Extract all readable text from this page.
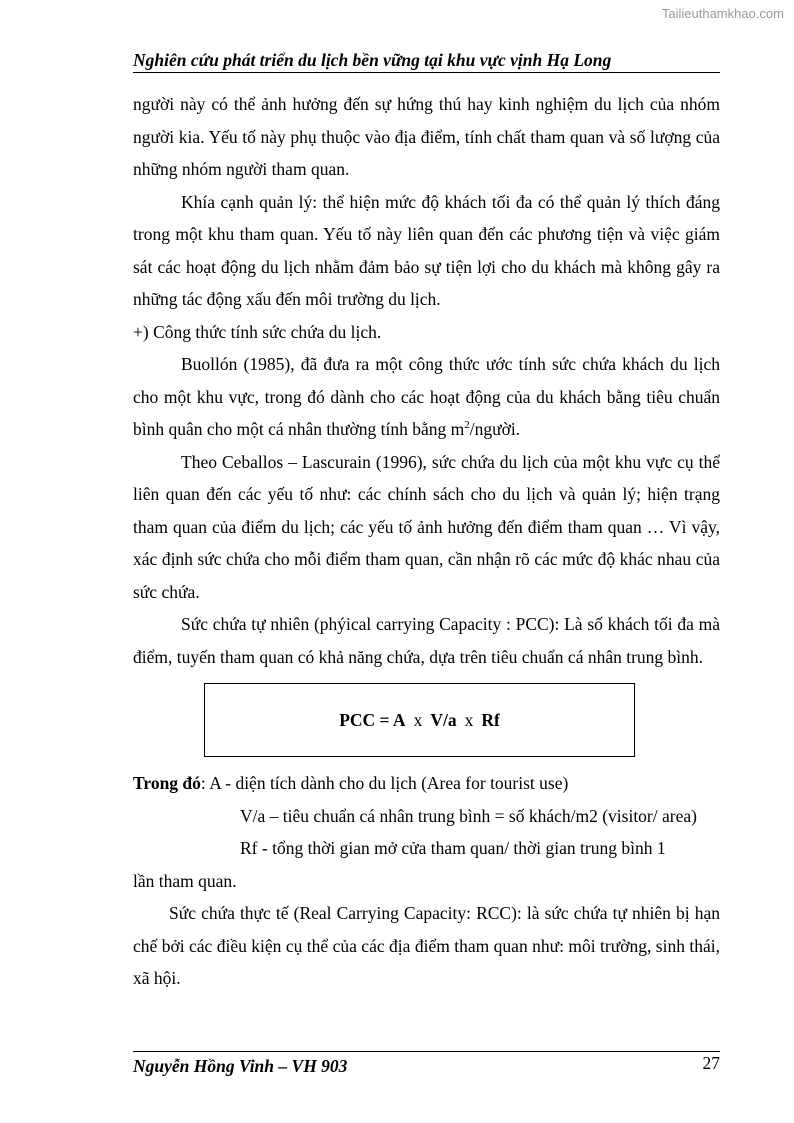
Tailieuthamkhao.com
Nghiên cứu phát triển du lịch bền vững tại khu vực vịnh Hạ Long

người này có thể ảnh hưởng đến sự hứng thú hay kinh nghiệm du lịch của nhóm người kia. Yếu tố này phụ thuộc vào địa điểm, tính chất tham quan và số lượng của những nhóm người tham quan.

Khía cạnh quản lý: thể hiện mức độ khách tối đa có thể quản lý thích đáng trong một khu tham quan. Yếu tố này liên quan đến các phương tiện và việc giám sát các hoạt động du lịch nhằm đảm bảo sự tiện lợi cho du khách mà không gây ra những tác động xấu đến môi trường du lịch.

+) Công thức tính sức chứa du lịch.

Buollón (1985), đã đưa ra một công thức ước tính sức chứa khách du lịch cho một khu vực, trong đó dành cho các hoạt động của du khách bằng tiêu chuẩn bình quân cho một cá nhân thường tính bằng $m^2$/người.

Theo Ceballos – Lascurain (1996), sức chứa du lịch của một khu vực cụ thể liên quan đến các yếu tố như: các chính sách cho du lịch và quản lý; hiện trạng tham quan của điểm du lịch; các yếu tố ảnh hưởng đến điểm tham quan … Vì vậy, xác định sức chứa cho mỗi điểm tham quan, cần nhận rõ các mức độ khác nhau của sức chứa.

Sức chứa tự nhiên (phýical carrying Capacity : PCC): Là số khách tối đa mà điểm, tuyến tham quan có khả năng chứa, dựa trên tiêu chuẩn cá nhân trung bình.

PCC = A x V/a x Rf

Trong đó: A - diện tích dành cho du lịch (Area for tourist use)

V/a – tiêu chuẩn cá nhân trung bình = số khách/m2 (visitor/ area)

Rf - tổng thời gian mở cửa tham quan/ thời gian trung bình 1

lần tham quan.

Sức chứa thực tế (Real Carrying Capacity: RCC): là sức chứa tự nhiên bị hạn chế bởi các điều kiện cụ thể của các địa điểm tham quan như: môi trường, sinh thái, xã hội.

Nguyễn Hồng Vinh – VH 903	27
